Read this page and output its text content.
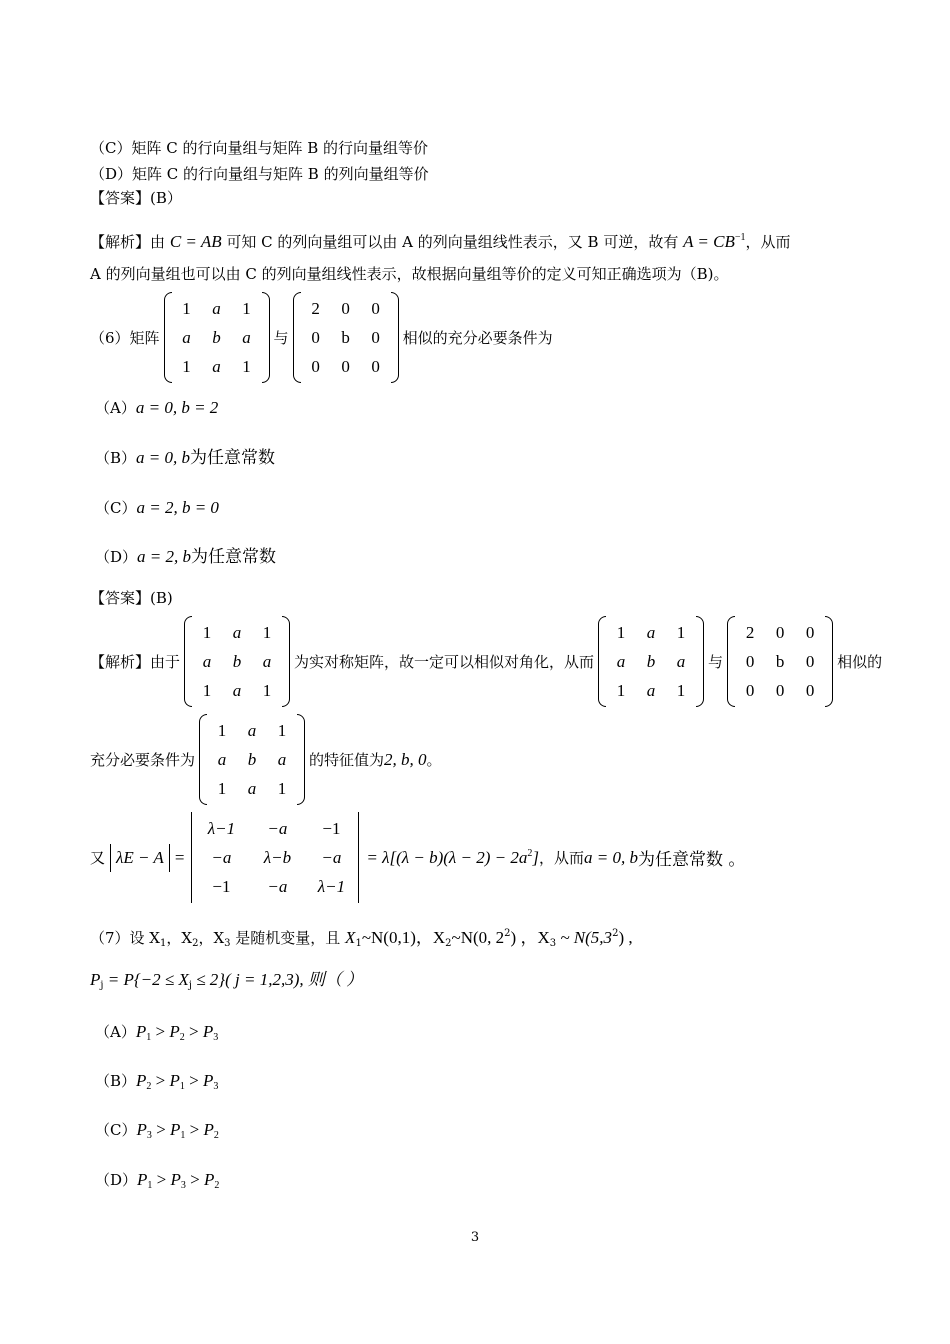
（C）矩阵 C 的行向量组与矩阵 B 的行向量组等价
（D）矩阵 C 的行向量组与矩阵 B 的列向量组等价
【答案】(B）
【解析】由 C = AB 可知 C 的列向量组可以由 A 的列向量组线性表示，又 B 可逆，故有 $A = CB^{-1}$，从而
A 的列向量组也可以由 C 的列向量组线性表示，故根据向量组等价的定义可知正确选项为（B)。
（6）矩阵
1	a	1
a	b	a
1	a	1
与
2	0	0
0	b	0
0	0	0
相似的充分必要条件为
（A）a = 0, b = 2
（B）a = 0, b为任意常数
（C）a = 2, b = 0
（D）a = 2, b为任意常数
【答案】(B)
【解析】 由于
1	a	1
a	b	a
1	a	1
为实对称矩阵，故一定可以相似对角化，从而
1	a	1
a	b	a
1	a	1
与
2	0	0
0	b	0
0	0	0
相似的
充分必要条件为
1	a	1
a	b	a
1	a	1
的特征值为 2, b, 0 。
又 λE − A =
λ−1	−a	−1
−a	λ−b	−a
−1	−a	λ−1
= $\lambda[(\lambda - b)(\lambda - 2) - 2a^2]$ ，从而 a = 0, b 为任意常数 。
（7）设 $X_1$，$X_2$，$X_3$ 是随机变量，且 $X_1\sim N(0,1)$，$X_2\sim N(0$, $2^2$) ，$X_3$ ~ $N(5,3^2)$ ,
$P_j = P\{-2 \le X_j \le 2\}$( j = 1,2,3), 则（ ）
$(A)P_1 > P_2 > P_3$
$(B)P_2 > P_1 > P_3$
$(C)P_3 > P_1 > P_2$
$(D)P_1 > P_3 > P_2$
3
